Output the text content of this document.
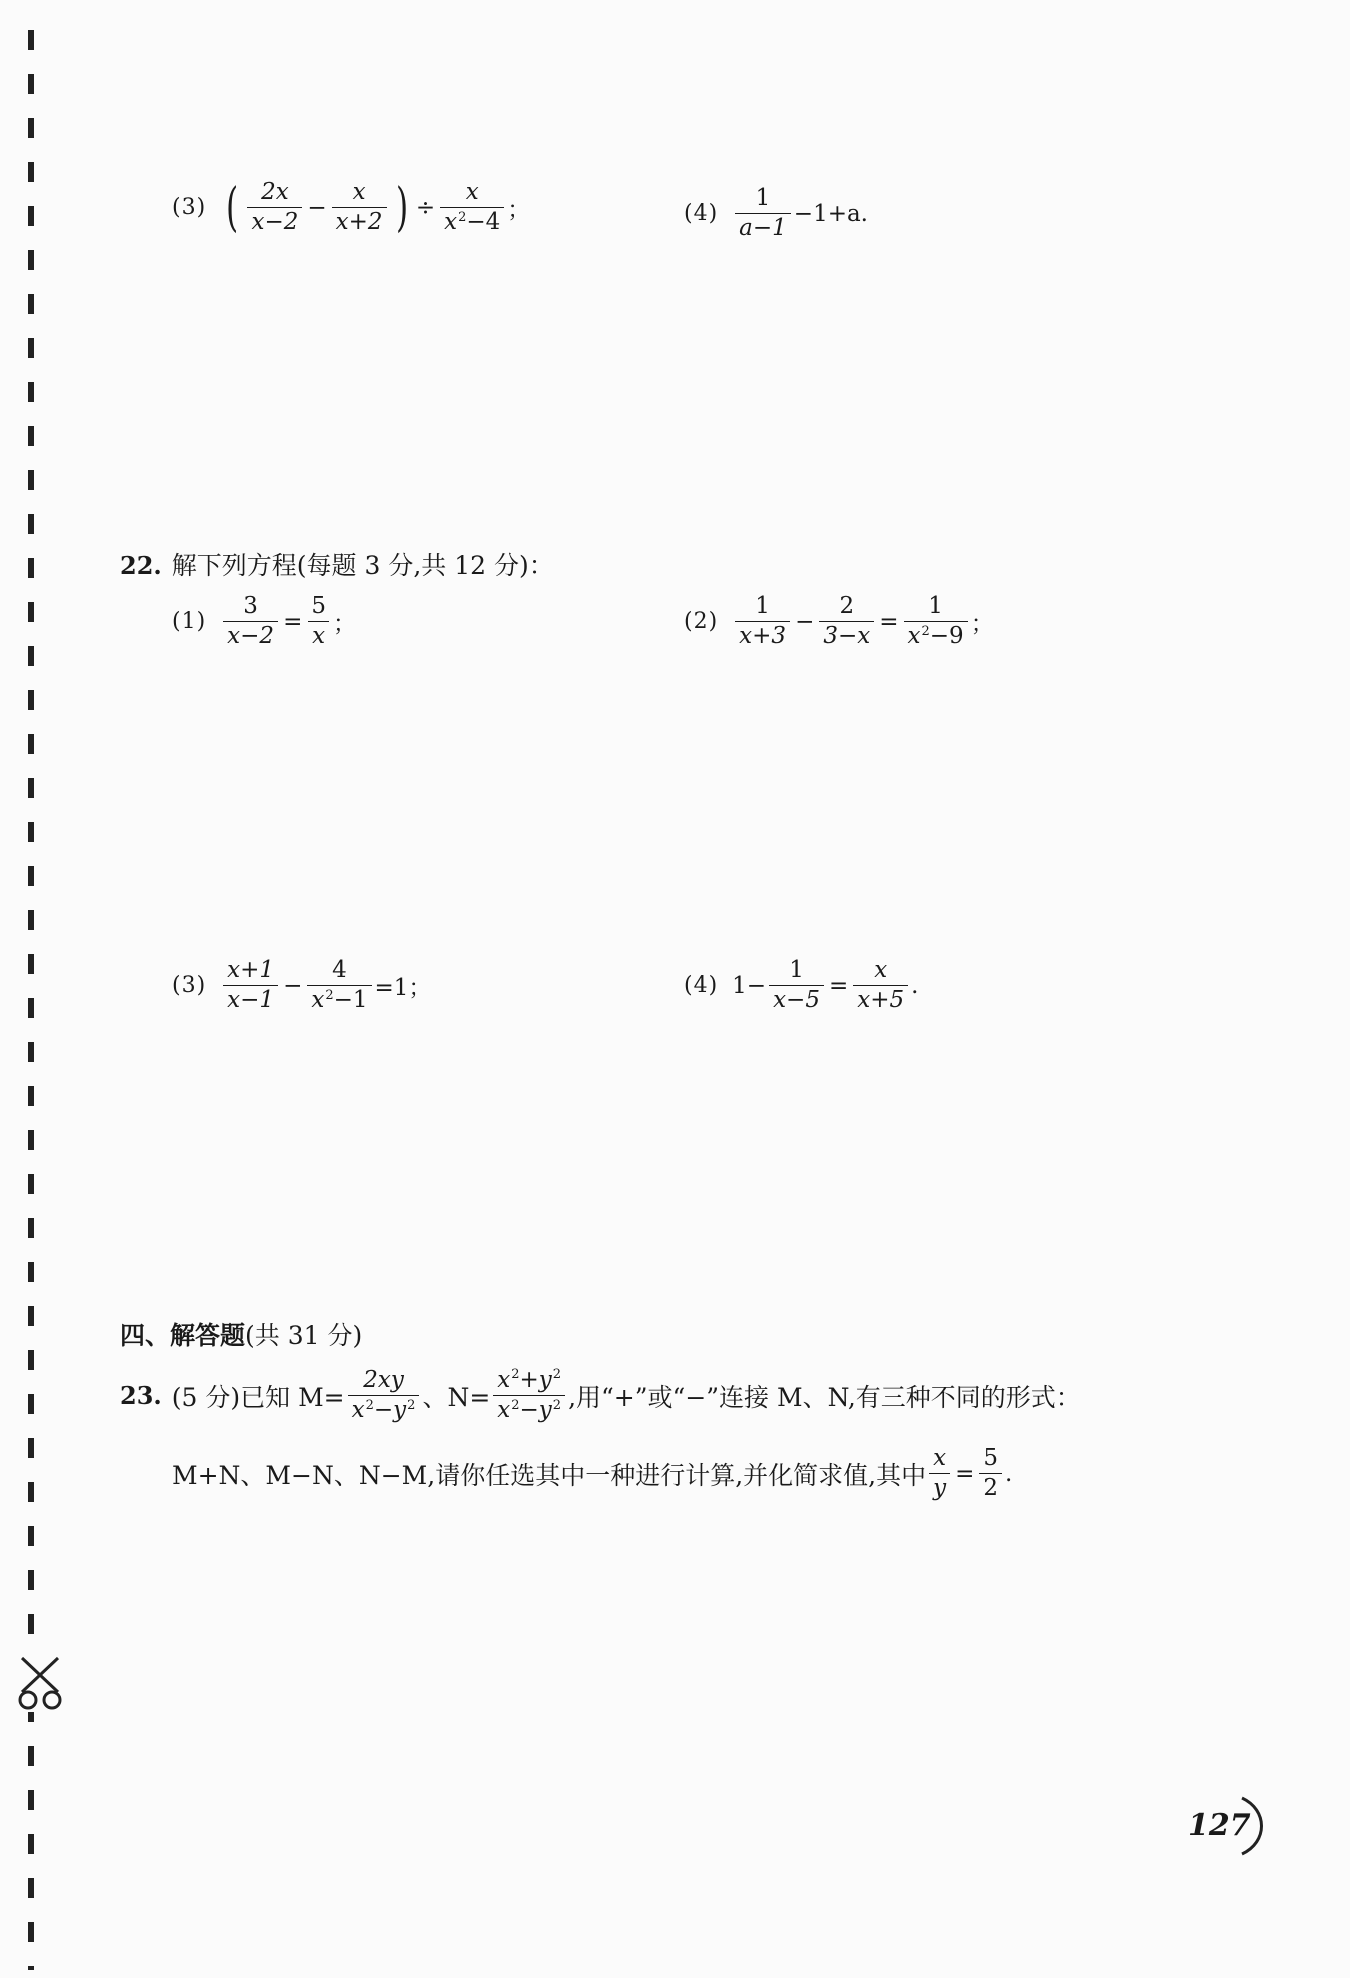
(3) ( $\frac{2x}{x-2} - \frac{x}{x+2}$ ) ÷ $\frac{x}{x^2-4}$ ；	$(4) \frac{1}{a-1} -1+a$.
22. 解下列方程(每题 3 分,共 12 分)：
$(1) \frac{3}{x-2} = \frac{5}{x}$ ；	$(2) \frac{1}{x+3} - \frac{2}{3-x} = \frac{1}{x^2-9}$ ；
$(3) \frac{x+1}{x-1} - \frac{4}{x^2-1} =1$；	(4) $1- \frac{1}{x-5} = \frac{x}{x+5}$ .
四、解答题(共 31 分)
23. (5 分)已知 $M= \frac{2xy}{x^2-y^2}$ 、$N= \frac{x^2+y^2}{x^2-y^2}$ ,用“+”或“−”连接 M、N,有三种不同的形式：
M+N、M−N、N−M,请你任选其中一种进行计算,并化简求值,其中 $\frac{x}{y} = \frac{5}{2}$ .
127
